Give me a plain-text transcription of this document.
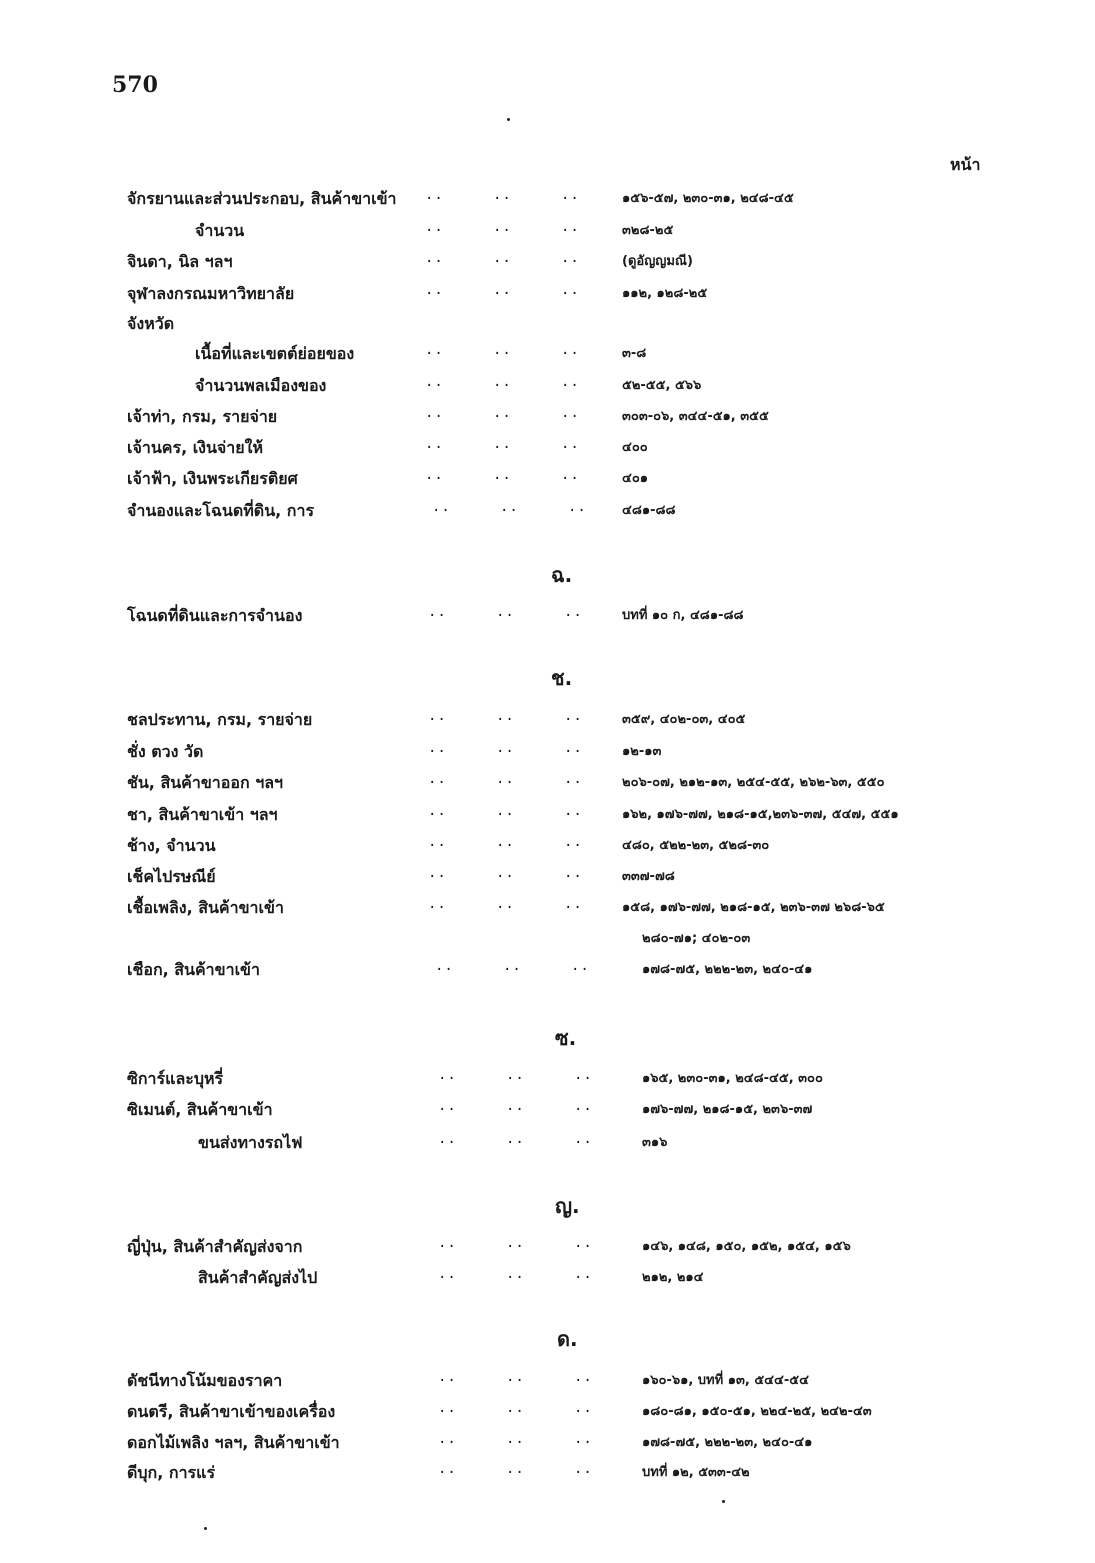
570
หน้า
จักรยานและส่วนประกอบ, สินค้าขาเข้า ..	..	..	๑๕๖-๕๗, ๒๓๐-๓๑, ๒๔๘-๔๕
จำนวน	..	..	..	๓๒๘-๒๕
จินดา, นิล ฯลฯ	..	..	..	(ดูอัญญมณี)
จุฬาลงกรณมหาวิทยาลัย	..	..	..	๑๑๒, ๑๒๘-๒๕
จังหวัด
เนื้อที่และเขตต์ย่อยของ	..	..	..	๓-๘
จำนวนพลเมืองของ	..	..	..	๕๒-๕๕, ๕๖๖
เจ้าท่า, กรม, รายจ่าย	..	..	..	๓๐๓-๐๖, ๓๔๔-๕๑, ๓๕๕
เจ้านคร, เงินจ่ายให้	..	..	..	๔๐๐
เจ้าฟ้า, เงินพระเกียรติยศ	..	..	..	๔๐๑
จำนองและโฉนดที่ดิน, การ	..	..	..	๔๘๑-๘๘
ฉ.
โฉนดที่ดินและการจำนอง	..	..	..	บทที่ ๑๐ ก, ๔๘๑-๘๘
ช.
ชลประทาน, กรม, รายจ่าย	..	..	..	๓๕๙, ๔๐๒-๐๓, ๔๐๕
ชั่ง ตวง วัด	..	..	..	๑๒-๑๓
ชัน, สินค้าขาออก ฯลฯ	..	..	..	๒๐๖-๐๗, ๒๑๒-๑๓, ๒๕๔-๕๕, ๒๖๒-๖๓, ๕๕๐
ชา, สินค้าขาเข้า ฯลฯ	..	..	..	๑๖๒, ๑๗๖-๗๗, ๒๑๘-๑๕,๒๓๖-๓๗, ๕๔๗, ๕๕๑
ช้าง, จำนวน	..	..	..	๔๘๐, ๕๒๒-๒๓, ๕๒๘-๓๐
เช็คไปรษณีย์	..	..	..	๓๓๗-๗๘
เชื้อเพลิง, สินค้าขาเข้า	..	..	..	๑๕๘, ๑๗๖-๗๗, ๒๑๘-๑๕, ๒๓๖-๓๗ ๒๖๘-๖๕
๒๘๐-๗๑; ๔๐๒-๐๓
เชือก, สินค้าขาเข้า	..	..	..	๑๗๘-๗๕, ๒๒๒-๒๓, ๒๔๐-๔๑
ซ.
ซิการ์และบุหรี่	..	..	..	๑๖๕, ๒๓๐-๓๑, ๒๔๘-๔๕, ๓๐๐
ซิเมนต์, สินค้าขาเข้า	..	..	..	๑๗๖-๗๗, ๒๑๘-๑๕, ๒๓๖-๓๗
ขนส่งทางรถไฟ	..	..	..	๓๑๖
ญ.
ญี่ปุ่น, สินค้าสำคัญส่งจาก	..	..	..	๑๔๖, ๑๔๘, ๑๕๐, ๑๕๒, ๑๕๔, ๑๕๖
สินค้าสำคัญส่งไป	..	..	..	๒๑๒, ๒๑๔
ด.
ดัชนีทางโน้มของราคา	..	..	..	๑๖๐-๖๑, บทที่ ๑๓, ๕๔๔-๕๔
ดนตรี, สินค้าขาเข้าของเครื่อง	..	..	..	๑๘๐-๘๑, ๑๕๐-๕๑, ๒๒๔-๒๕, ๒๔๒-๔๓
ดอกไม้เพลิง ฯลฯ, สินค้าขาเข้า	..	..	..	๑๗๘-๗๕, ๒๒๒-๒๓, ๒๔๐-๔๑
ดีบุก, การแร่	..	..	..	บทที่ ๑๒, ๕๓๓-๔๒
